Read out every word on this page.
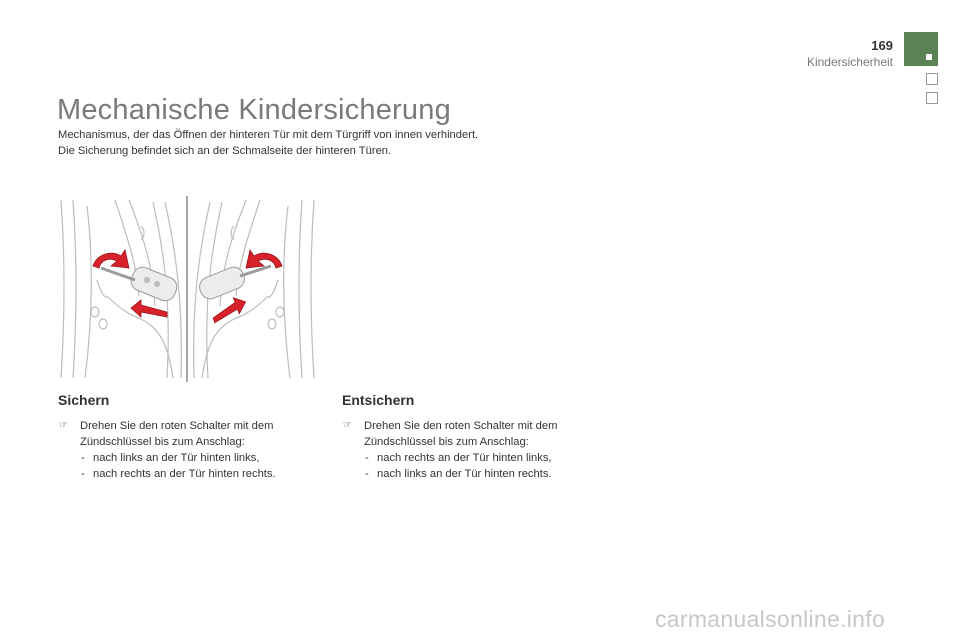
169
Kindersicherheit
Mechanische Kindersicherung

Mechanismus, der das Öffnen der hinteren Tür mit dem Türgriff von innen verhindert.

Die Sicherung befindet sich an der Schmalseite der hinteren Türen.

Sichern
☞ Drehen Sie den roten Schalter mit dem Zündschlüssel bis zum Anschlag:
- nach links an der Tür hinten links,
- nach rechts an der Tür hinten rechts.
Entsichern
☞ Drehen Sie den roten Schalter mit dem Zündschlüssel bis zum Anschlag:
- nach rechts an der Tür hinten links,
- nach links an der Tür hinten rechts.
carmanualsonline.info
